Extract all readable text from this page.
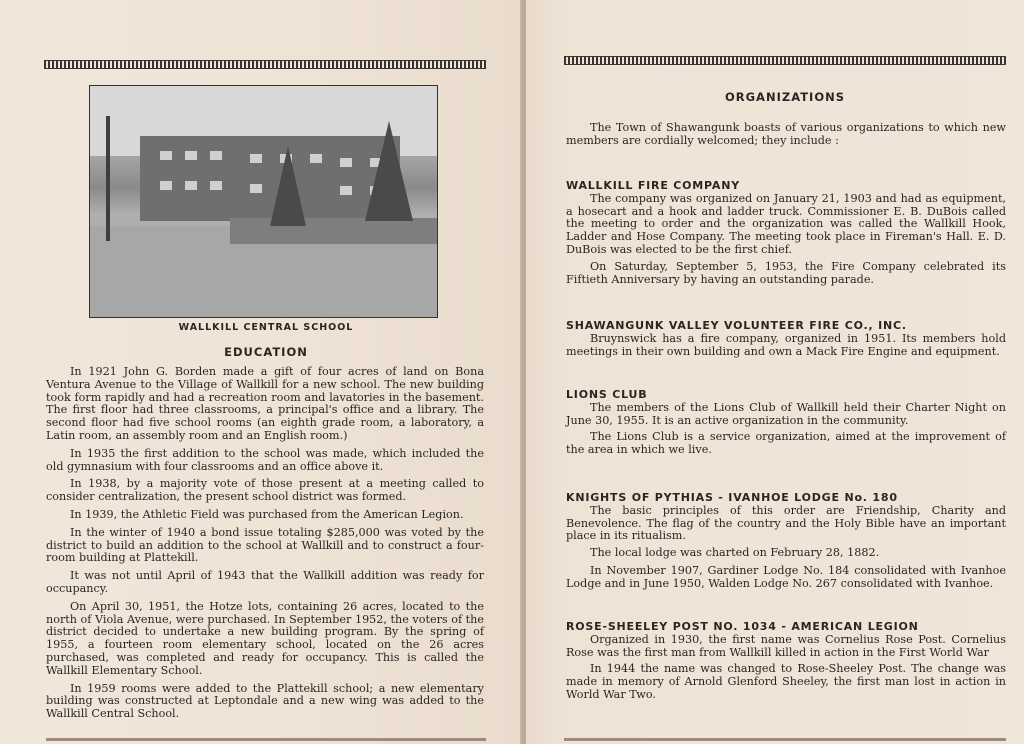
WALLKILL CENTRAL SCHOOL
EDUCATION

In 1921 John G. Borden made a gift of four acres of land on Bona Ventura Avenue to the Village of Wallkill for a new school. The new building took form rapidly and had a recreation room and lavatories in the basement. The first floor had three classrooms, a principal's office and a library. The second floor had five school rooms (an eighth grade room, a laboratory, a Latin room, an assembly room and an English room.)

In 1935 the first addition to the school was made, which included the old gymnasium with four classrooms and an office above it.

In 1938, by a majority vote of those present at a meeting called to consider centralization, the present school district was formed.

In 1939, the Athletic Field was purchased from the American Legion.

In the winter of 1940 a bond issue totaling $285,000 was voted by the district to build an addition to the school at Wallkill and to construct a four-room building at Plattekill.

It was not until April of 1943 that the Wallkill addition was ready for occupancy.

On April 30, 1951, the Hotze lots, containing 26 acres, located to the north of Viola Avenue, were purchased. In September 1952, the voters of the district decided to undertake a new building program. By the spring of 1955, a fourteen room elementary school, located on the 26 acres purchased, was completed and ready for occupancy. This is called the Wallkill Elementary School.

In 1959 rooms were added to the Plattekill school; a new elementary building was constructed at Leptondale and a new wing was added to the Wallkill Central School.

ORGANIZATIONS

The Town of Shawangunk boasts of various organizations to which new members are cordially welcomed; they include :

WALLKILL FIRE COMPANY

The company was organized on January 21, 1903 and had as equipment, a hosecart and a hook and ladder truck. Commissioner E. B. DuBois called the meeting to order and the organization was called the Wallkill Hook, Ladder and Hose Company. The meeting took place in Fireman's Hall. E. D. DuBois was elected to be the first chief.

On Saturday, September 5, 1953, the Fire Company celebrated its Fiftieth Anniversary by having an outstanding parade.

SHAWANGUNK VALLEY VOLUNTEER FIRE CO., INC.

Bruynswick has a fire company, organized in 1951. Its members hold meetings in their own building and own a Mack Fire Engine and equipment.

LIONS CLUB

The members of the Lions Club of Wallkill held their Charter Night on June 30, 1955. It is an active organization in the community.

The Lions Club is a service organization, aimed at the improvement of the area in which we live.

KNIGHTS OF PYTHIAS - IVANHOE LODGE No. 180

The basic principles of this order are Friendship, Charity and Benevolence. The flag of the country and the Holy Bible have an important place in its ritualism.

The local lodge was charted on February 28, 1882.

In November 1907, Gardiner Lodge No. 184 consolidated with Ivanhoe Lodge and in June 1950, Walden Lodge No. 267 consolidated with Ivanhoe.

ROSE-SHEELEY POST NO. 1034 - AMERICAN LEGION

Organized in 1930, the first name was Cornelius Rose Post. Cornelius Rose was the first man from Wallkill killed in action in the First World War

In 1944 the name was changed to Rose-Sheeley Post. The change was made in memory of Arnold Glenford Sheeley, the first man lost in action in World War Two.
